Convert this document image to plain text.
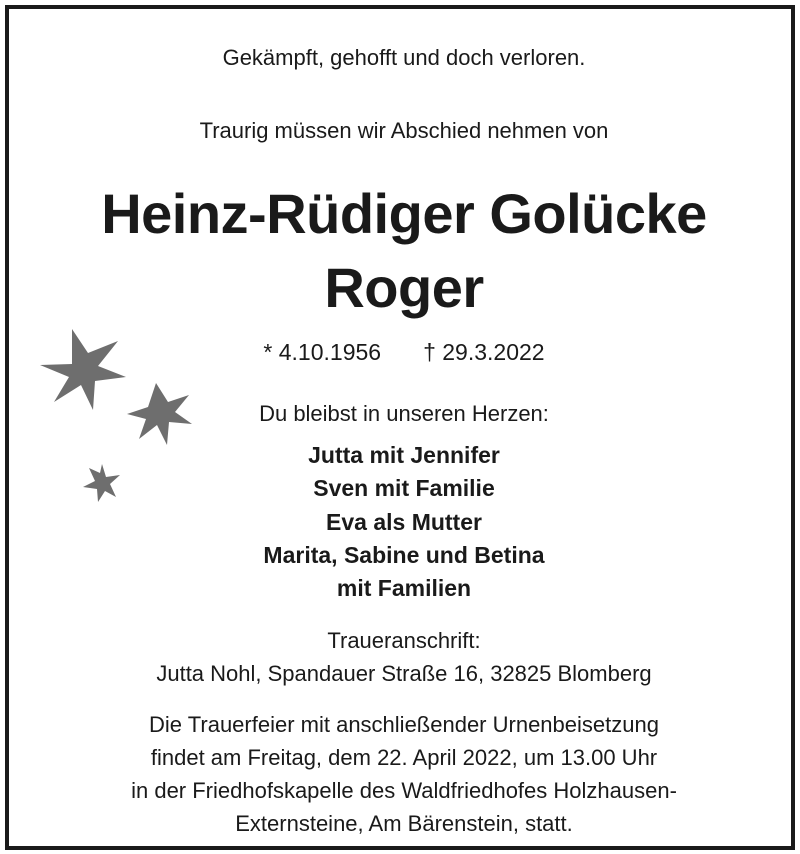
Gekämpft, gehofft und doch verloren.
Traurig müssen wir Abschied nehmen von
Heinz-Rüdiger Golücke
Roger
* 4.10.1956 † 29.3.2022
Du bleibst in unseren Herzen:
Jutta mit Jennifer
Sven mit Familie
Eva als Mutter
Marita, Sabine und Betina
mit Familien
Traueranschrift:
Jutta Nohl, Spandauer Straße 16, 32825 Blomberg
Die Trauerfeier mit anschließender Urnenbeisetzung
findet am Freitag, dem 22. April 2022, um 13.00 Uhr
in der Friedhofskapelle des Waldfriedhofes Holzhausen-
Externsteine, Am Bärenstein, statt.
